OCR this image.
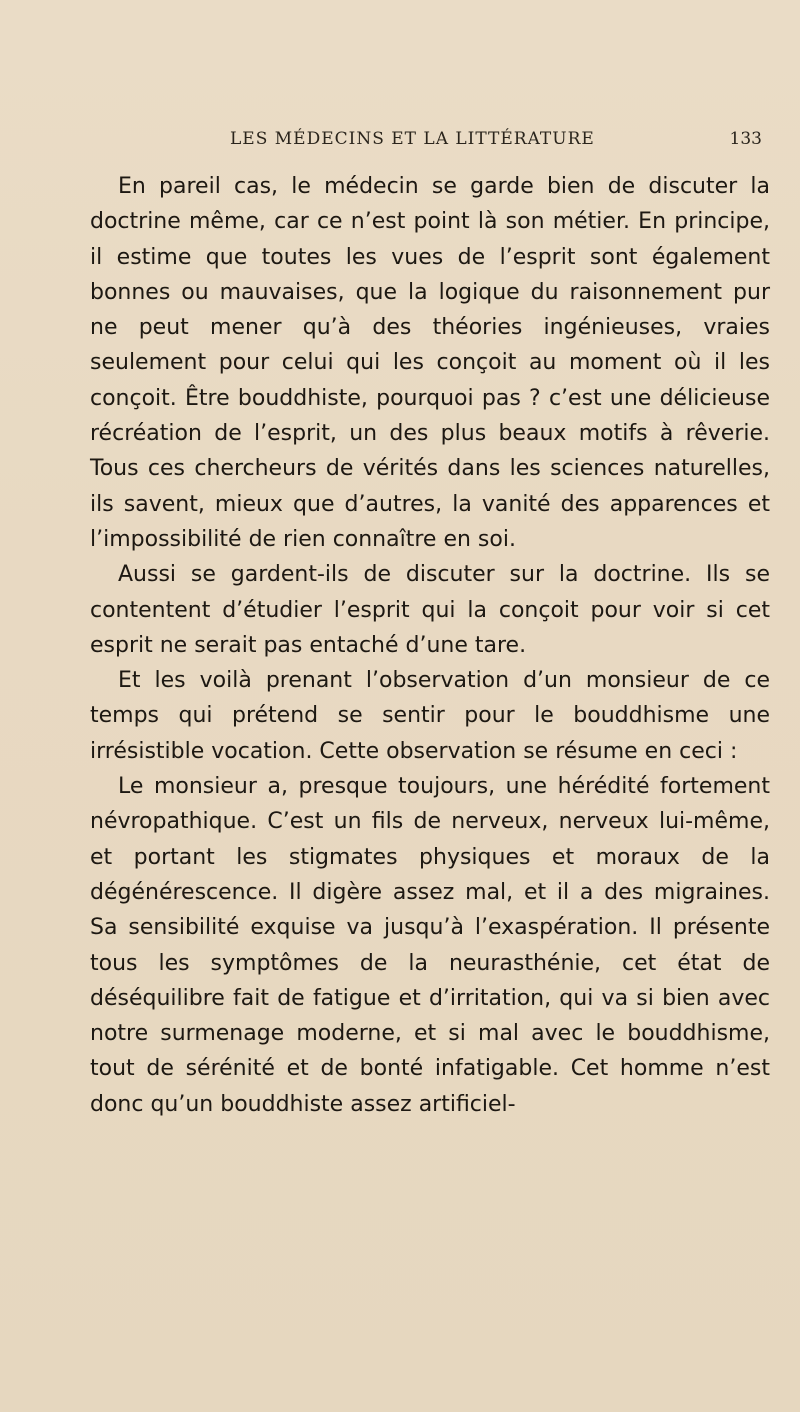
LES MÉDECINS ET LA LITTÉRATURE	133

En pareil cas, le médecin se garde bien de discuter la doctrine même, car ce n’est point là son métier. En principe, il estime que toutes les vues de l’esprit sont également bonnes ou mauvaises, que la logique du raisonnement pur ne peut mener qu’à des théories ingénieuses, vraies seulement pour celui qui les conçoit au moment où il les conçoit. Être bouddhiste, pourquoi pas ? c’est une délicieuse récréation de l’esprit, un des plus beaux motifs à rêverie. Tous ces chercheurs de vérités dans les sciences naturelles, ils savent, mieux que d’autres, la vanité des apparences et l’impossibilité de rien connaître en soi.

Aussi se gardent-ils de discuter sur la doctrine. Ils se contentent d’étudier l’esprit qui la conçoit pour voir si cet esprit ne serait pas entaché d’une tare.

Et les voilà prenant l’observation d’un monsieur de ce temps qui prétend se sentir pour le bouddhisme une irrésistible vocation. Cette observation se résume en ceci :

Le monsieur a, presque toujours, une hérédité fortement névropathique. C’est un fils de nerveux, nerveux lui-même, et portant les stigmates physiques et moraux de la dégénérescence. Il digère assez mal, et il a des migraines. Sa sensibilité exquise va jusqu’à l’exaspération. Il présente tous les symptômes de la neurasthénie, cet état de déséquilibre fait de fatigue et d’irritation, qui va si bien avec notre surmenage moderne, et si mal avec le bouddhisme, tout de sérénité et de bonté infatigable. Cet homme n’est donc qu’un bouddhiste assez artificiel-
